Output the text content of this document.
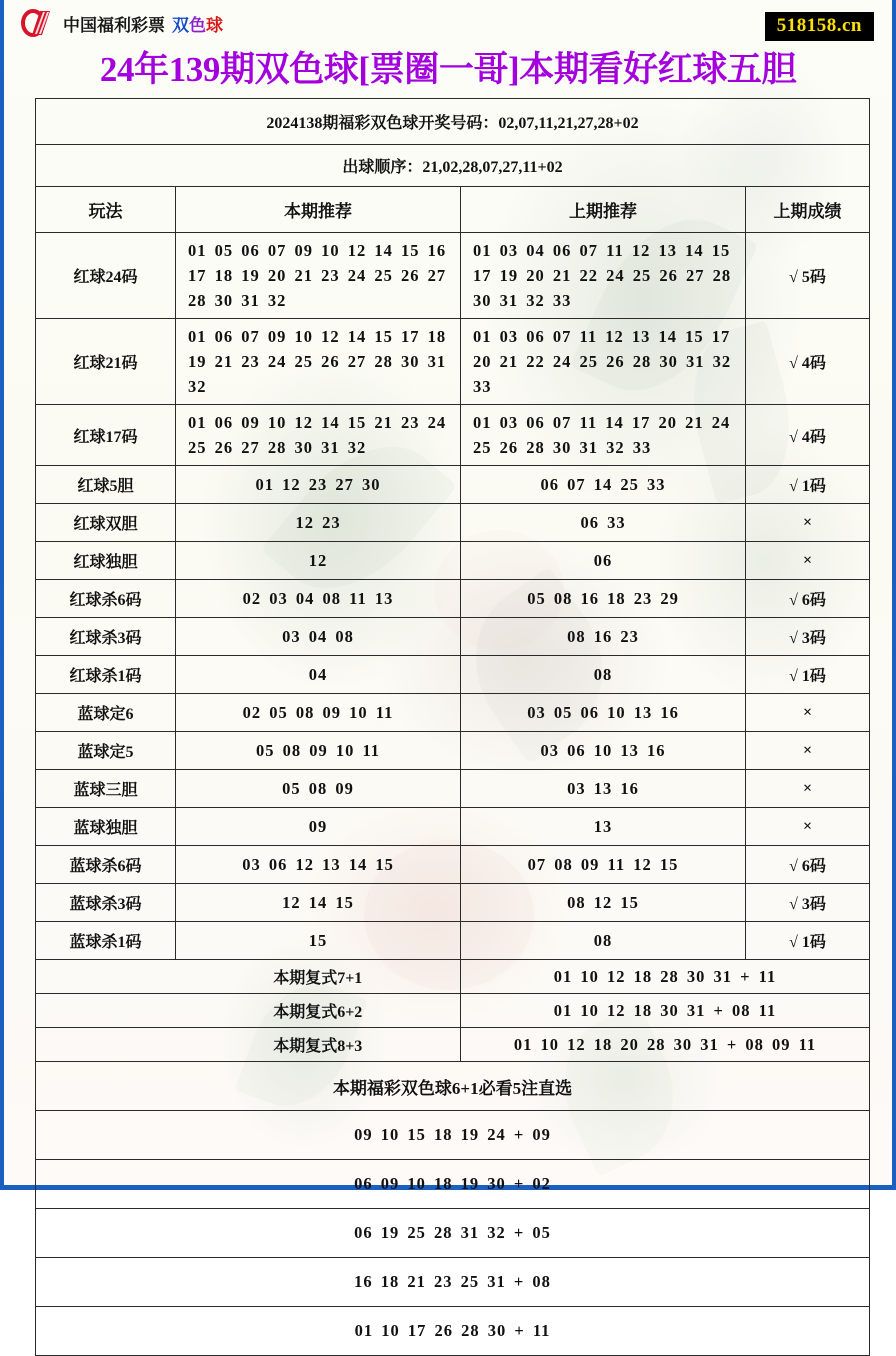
中国福利彩票 双色球	518158.cn
24年139期双色球[票圈一哥]本期看好红球五胆
2024138期福彩双色球开奖号码：02,07,11,21,27,28+02			
出球顺序：21,02,28,07,27,11+02			
玩法	本期推荐	上期推荐	上期成绩
红球24码	01 05 06 07 09 10 12 14 15 16 17 18 19 20 21 23 24 25 26 27 28 30 31 32	01 03 04 06 07 11 12 13 14 15 17 19 20 21 22 24 25 26 27 28 30 31 32 33	√ 5码
红球21码	01 06 07 09 10 12 14 15 17 18 19 21 23 24 25 26 27 28 30 31 32	01 03 06 07 11 12 13 14 15 17 20 21 22 24 25 26 28 30 31 32 33	√ 4码
红球17码	01 06 09 10 12 14 15 21 23 24 25 26 27 28 30 31 32	01 03 06 07 11 14 17 20 21 24 25 26 28 30 31 32 33	√ 4码
红球5胆	01 12 23 27 30	06 07 14 25 33	√ 1码
红球双胆	12 23	06 33	×
红球独胆	12	06	×
红球杀6码	02 03 04 08 11 13	05 08 16 18 23 29	√ 6码
红球杀3码	03 04 08	08 16 23	√ 3码
红球杀1码	04	08	√ 1码
蓝球定6	02 05 08 09 10 11	03 05 06 10 13 16	×
蓝球定5	05 08 09 10 11	03 06 10 13 16	×
蓝球三胆	05 08 09	03 13 16	×
蓝球独胆	09	13	×
蓝球杀6码	03 06 12 13 14 15	07 08 09 11 12 15	√ 6码
蓝球杀3码	12 14 15	08 12 15	√ 3码
蓝球杀1码	15	08	√ 1码
	本期复式7+1	01 10 12 18 28 30 31 + 11	
	本期复式6+2	01 10 12 18 30 31 + 08 11	
	本期复式8+3	01 10 12 18 20 28 30 31 + 08 09 11	
本期福彩双色球6+1必看5注直选			
09 10 15 18 19 24 + 09			
06 09 10 18 19 30 + 02			
06 19 25 28 31 32 + 05			
16 18 21 23 25 31 + 08			
01 10 17 26 28 30 + 11			
